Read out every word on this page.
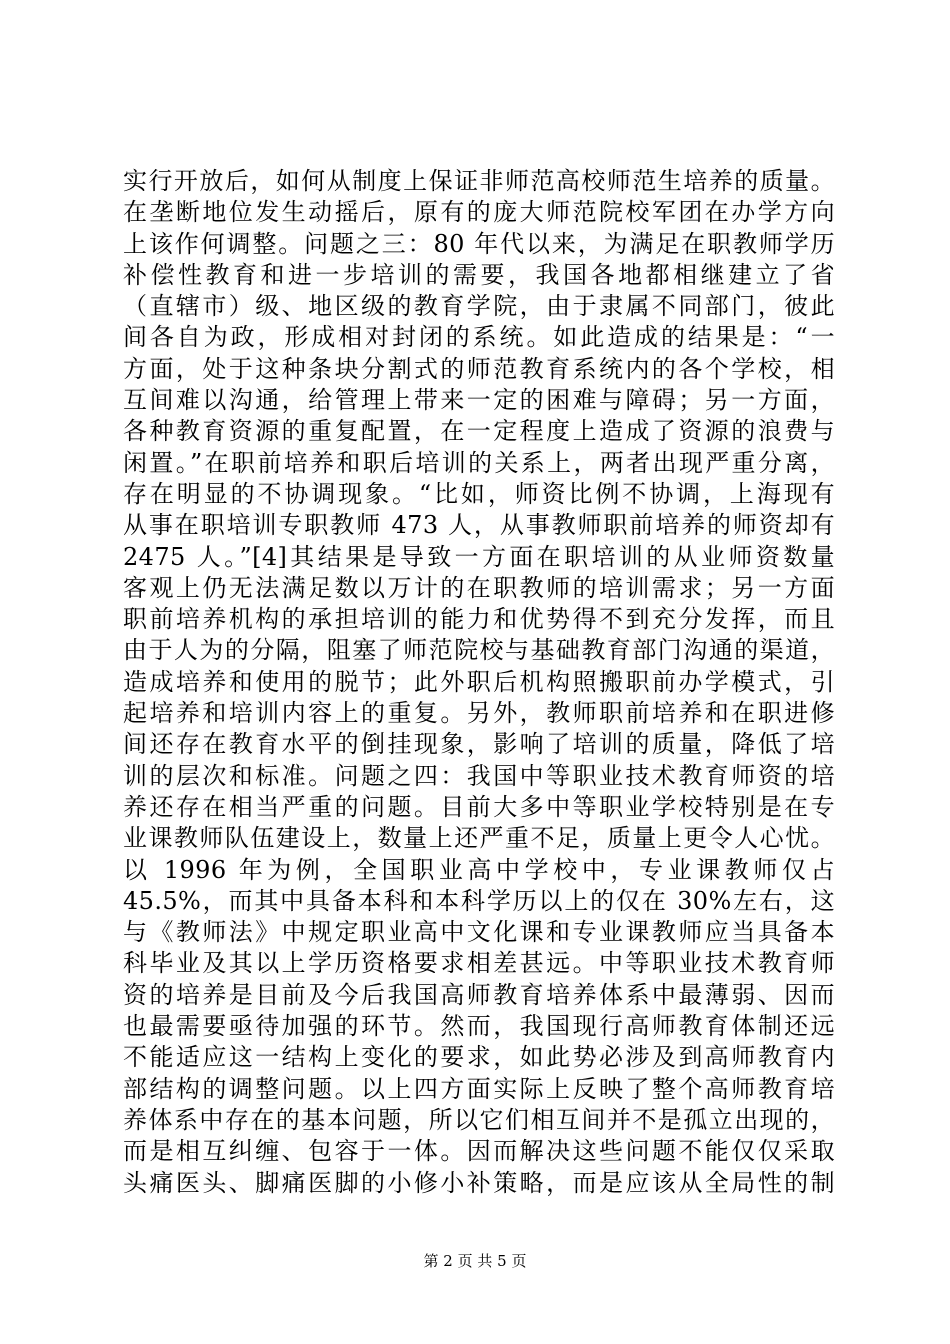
实行开放后，如何从制度上保证非师范高校师范生培养的质量。
在垄断地位发生动摇后，原有的庞大师范院校军团在办学方向
上该作何调整。问题之三：80 年代以来，为满足在职教师学历
补偿性教育和进一步培训的需要，我国各地都相继建立了省
（直辖市）级、地区级的教育学院，由于隶属不同部门，彼此
间各自为政，形成相对封闭的系统。如此造成的结果是：“一
方面，处于这种条块分割式的师范教育系统内的各个学校，相
互间难以沟通，给管理上带来一定的困难与障碍；另一方面，
各种教育资源的重复配置，在一定程度上造成了资源的浪费与
闲置。”在职前培养和职后培训的关系上，两者出现严重分离，
存在明显的不协调现象。“比如，师资比例不协调，上海现有
从事在职培训专职教师 473 人，从事教师职前培养的师资却有
2475 人。”[4]其结果是导致一方面在职培训的从业师资数量
客观上仍无法满足数以万计的在职教师的培训需求；另一方面
职前培养机构的承担培训的能力和优势得不到充分发挥，而且
由于人为的分隔，阻塞了师范院校与基础教育部门沟通的渠道，
造成培养和使用的脱节；此外职后机构照搬职前办学模式，引
起培养和培训内容上的重复。另外，教师职前培养和在职进修
间还存在教育水平的倒挂现象，影响了培训的质量，降低了培
训的层次和标准。问题之四：我国中等职业技术教育师资的培
养还存在相当严重的问题。目前大多中等职业学校特别是在专
业课教师队伍建设上，数量上还严重不足，质量上更令人心忧。
以 1996 年为例，全国职业高中学校中，专业课教师仅占
45.5%，而其中具备本科和本科学历以上的仅在 30%左右，这
与《教师法》中规定职业高中文化课和专业课教师应当具备本
科毕业及其以上学历资格要求相差甚远。中等职业技术教育师
资的培养是目前及今后我国高师教育培养体系中最薄弱、因而
也最需要亟待加强的环节。然而，我国现行高师教育体制还远
不能适应这一结构上变化的要求，如此势必涉及到高师教育内
部结构的调整问题。以上四方面实际上反映了整个高师教育培
养体系中存在的基本问题，所以它们相互间并不是孤立出现的，
而是相互纠缠、包容于一体。因而解决这些问题不能仅仅采取
头痛医头、脚痛医脚的小修小补策略，而是应该从全局性的制
第 2 页 共 5 页
